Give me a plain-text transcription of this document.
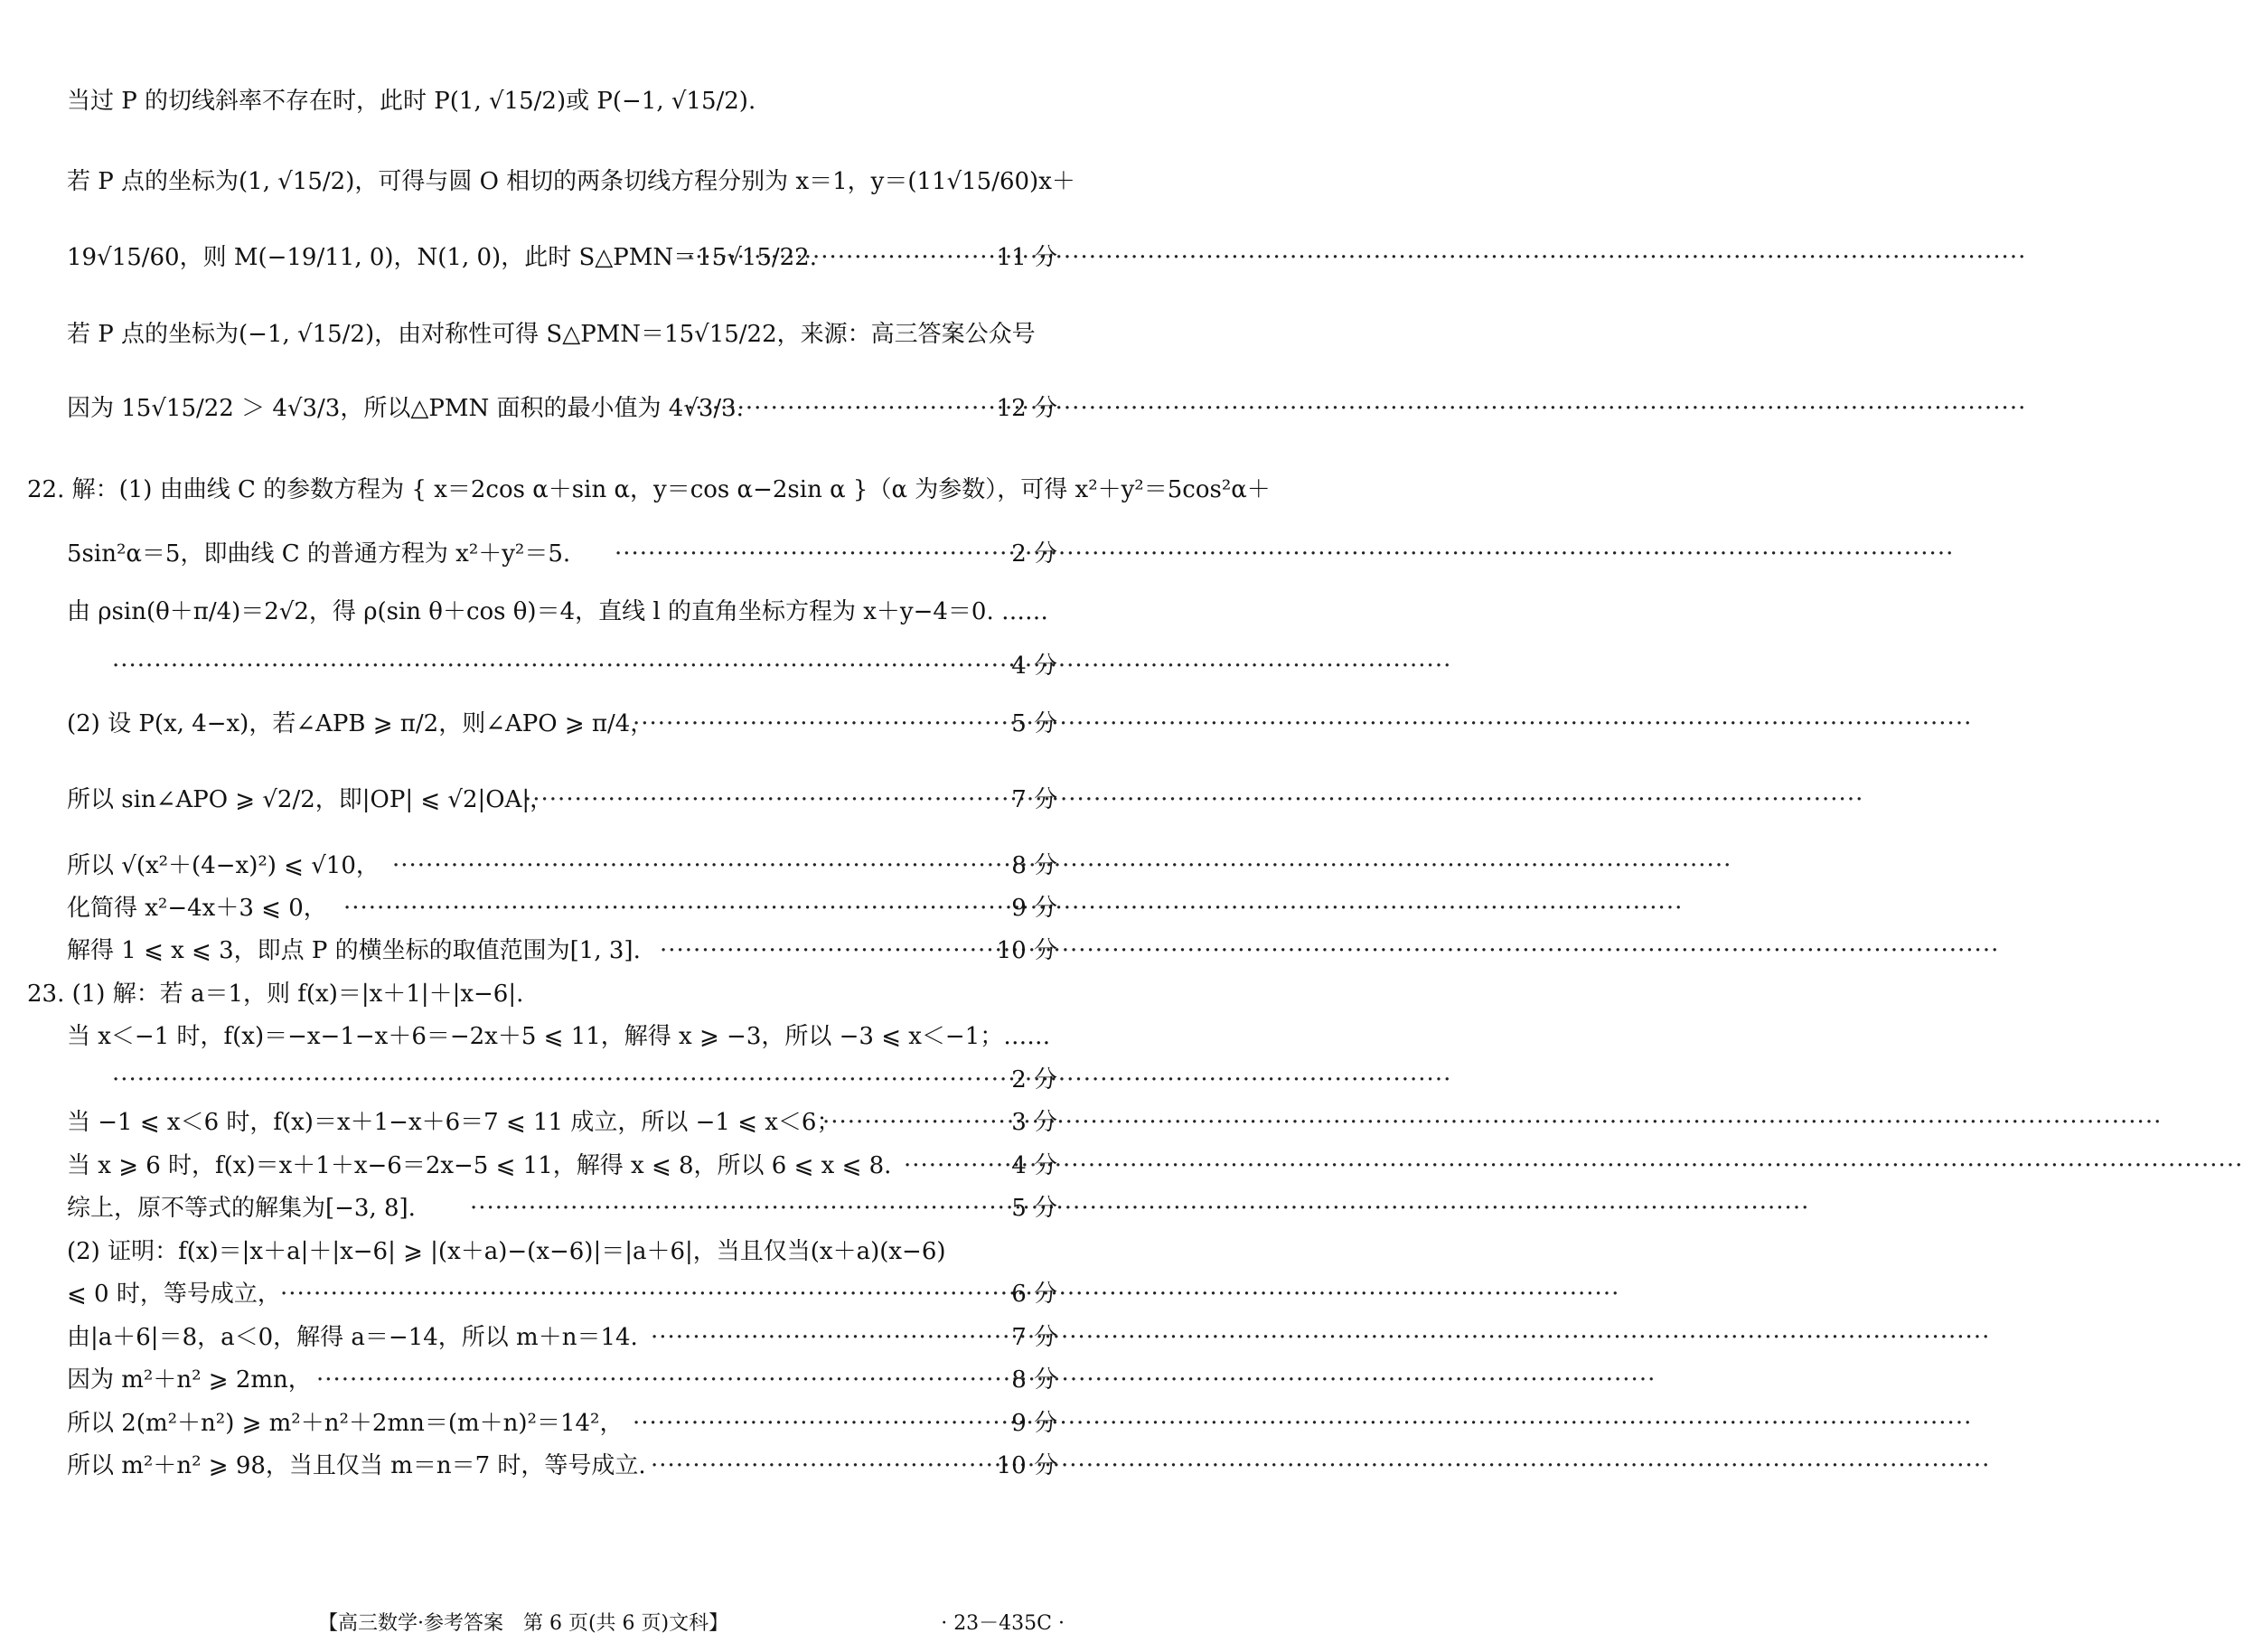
当过 P 的切线斜率不存在时，此时 P(1, √15/2)或 P(−1, √15/2).
若 P 点的坐标为(1, √15/2)，可得与圆 O 相切的两条切线方程分别为 x＝1，y＝(11√15/60)x＋
19√15/60，则 M(−19/11, 0)，N(1, 0)，此时 S△PMN＝15√15/22. ·····	11 分
若 P 点的坐标为(−1, √15/2)，由对称性可得 S△PMN＝15√15/22，来源：高三答案公众号
因为 15√15/22 ＞ 4√3/3，所以△PMN 面积的最小值为 4√3/3. ·····	12 分
22. 解：(1) 由曲线 C 的参数方程为 { x＝2cos α＋sin α，y＝cos α−2sin α }（α 为参数），可得 x²＋y²＝5cos²α＋
5sin²α＝5，即曲线 C 的普通方程为 x²＋y²＝5. ·····	2 分
由 ρsin(θ＋π/4)＝2√2，得 ρ(sin θ＋cos θ)＝4，直线 l 的直角坐标方程为 x＋y−4＝0. ……
·····
4 分
(2) 设 P(x, 4−x)，若∠APB ⩾ π/2，则∠APO ⩾ π/4， ·····	5 分
所以 sin∠APO ⩾ √2/2，即|OP| ⩽ √2|OA|， ·····	7 分
所以 √(x²＋(4−x)²) ⩽ √10， ·····	8 分
化简得 x²−4x＋3 ⩽ 0， ·····	9 分
解得 1 ⩽ x ⩽ 3，即点 P 的横坐标的取值范围为[1, 3]. ·····	10 分
23. (1) 解：若 a＝1，则 f(x)＝|x＋1|＋|x−6|.
当 x＜−1 时，f(x)＝−x−1−x＋6＝−2x＋5 ⩽ 11，解得 x ⩾ −3，所以 −3 ⩽ x＜−1；……
·····
2 分
当 −1 ⩽ x＜6 时，f(x)＝x＋1−x＋6＝7 ⩽ 11 成立，所以 −1 ⩽ x＜6； ·····	3 分
当 x ⩾ 6 时，f(x)＝x＋1＋x−6＝2x−5 ⩽ 11，解得 x ⩽ 8，所以 6 ⩽ x ⩽ 8. ·····	4 分
综上，原不等式的解集为[−3, 8]. ·····	5 分
(2) 证明：f(x)＝|x＋a|＋|x−6| ⩾ |(x＋a)−(x−6)|＝|a＋6|，当且仅当(x＋a)(x−6)
⩽ 0 时，等号成立， ·····	6 分
由|a＋6|＝8，a＜0，解得 a＝−14，所以 m＋n＝14. ·····	7 分
因为 m²＋n² ⩾ 2mn， ·····	8 分
所以 2(m²＋n²) ⩾ m²＋n²＋2mn＝(m＋n)²＝14²， ·····	9 分
所以 m²＋n² ⩾ 98，当且仅当 m＝n＝7 时，等号成立. ·····	10 分
【高三数学·参考答案　第 6 页(共 6 页)文科】	· 23－435C ·
